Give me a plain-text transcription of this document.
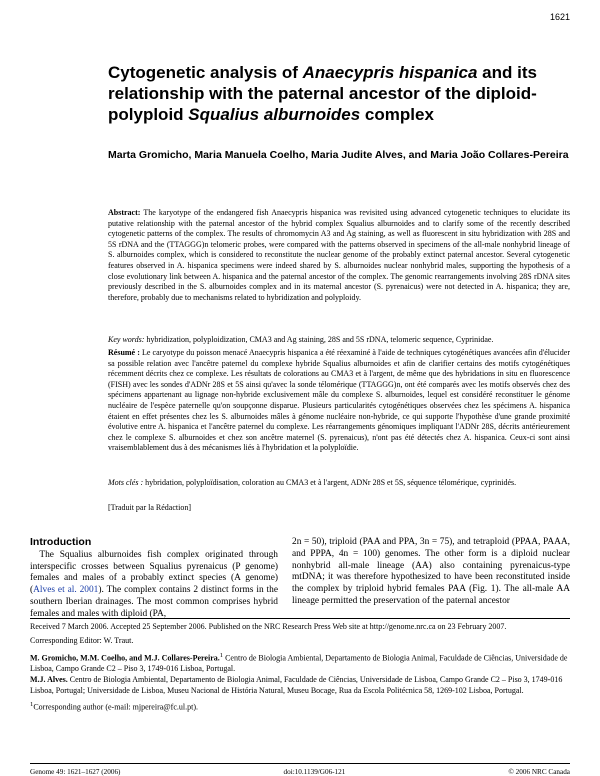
1621
Cytogenetic analysis of Anaecypris hispanica and its relationship with the paternal ancestor of the diploid-polyploid Squalius alburnoides complex

Marta Gromicho, Maria Manuela Coelho, Maria Judite Alves, and Maria João Collares-Pereira

Abstract: The karyotype of the endangered fish Anaecypris hispanica was revisited using advanced cytogenetic techniques to elucidate its putative relationship with the paternal ancestor of the hybrid complex Squalius alburnoides and to clarify some of the recently described cytogenetic patterns of the complex. The results of chromomycin A3 and Ag staining, as well as fluorescent in situ hybridization with 28S and 5S rDNA and the (TTAGGG)n telomeric probes, were compared with the patterns observed in specimens of the all-male nonhybrid lineage of S. alburnoides complex, which is considered to reconstitute the nuclear genome of the probably extinct paternal ancestor. Several cytogenetic features observed in A. hispanica specimens were indeed shared by S. alburnoides nuclear nonhybrid males, supporting the hypothesis of a close evolutionary link between A. hispanica and the paternal ancestor of the complex. The genomic rearrangements involving 28S rDNA sites previously described in the S. alburnoides complex and in its maternal ancestor (S. pyrenaicus) were not detected in A. hispanica; they are, therefore, probably due to mechanisms related to hybridization and polyploidy.

Key words: hybridization, polyploidization, CMA3 and Ag staining, 28S and 5S rDNA, telomeric sequence, Cyprinidae.

Résumé : Le caryotype du poisson menacé Anaecypris hispanica a été réexaminé à l'aide de techniques cytogénétiques avancées afin d'élucider sa possible relation avec l'ancêtre paternel du complexe hybride Squalius alburnoides et afin de clarifier certains des motifs cytogénétiques récemment décrits chez ce complexe. Les résultats de colorations au CMA3 et à l'argent, de même que des hybridations in situ en fluorescence (FISH) avec les sondes d'ADNr 28S et 5S ainsi qu'avec la sonde télomérique (TTAGGG)n, ont été comparés avec les motifs observés chez des spécimens appartenant au lignage non-hybride exclusivement mâle du complexe S. alburnoides, lequel est considéré reconstituer le génome nucléaire de l'espèce paternelle qu'on soupçonne disparue. Plusieurs particularités cytogénétiques observées chez les spécimens A. hispanica étaient en effet présentes chez les S. alburnoides mâles à génome nucléaire non-hybride, ce qui supporte l'hypothèse d'une grande proximité évolutive entre A. hispanica et l'ancêtre paternel du complexe. Les réarrangements génomiques impliquant l'ADNr 28S, décrits antérieurement chez le complexe S. alburnoides et chez son ancêtre maternel (S. pyrenaicus), n'ont pas été détectés chez A. hispanica. Ceux-ci sont ainsi vraisemblablement dus à des mécanismes liés à l'hybridation et la polyploïdie.

Mots clés : hybridation, polyploïdisation, coloration au CMA3 et à l'argent, ADNr 28S et 5S, séquence télomérique, cyprinidés.

[Traduit par la Rédaction]

Introduction

 The Squalius alburnoides fish complex originated through interspecific crosses between Squalius pyrenaicus (P genome) females and males of a probably extinct species (A genome) (Alves et al. 2001). The complex contains 2 distinct forms in the southern Iberian drainages. The most common comprises hybrid females and males with diploid (PA,

2n = 50), triploid (PAA and PPA, 3n = 75), and tetraploid (PPAA, PAAA, and PPPA, 4n = 100) genomes. The other form is a diploid nuclear nonhybrid all-male lineage (AA) also containing pyrenaicus-type mtDNA; it was therefore hypothesized to have been reconstituted inside the complex by triploid hybrid females PAA (Fig. 1). The all-male AA lineage permitted the preservation of the paternal ancestor

Received 7 March 2006. Accepted 25 September 2006. Published on the NRC Research Press Web site at http://genome.nrc.ca on 23 February 2007.

Corresponding Editor: W. Traut.

M. Gromicho, M.M. Coelho, and M.J. Collares-Pereira.$^1$ Centro de Biologia Ambiental, Departamento de Biologia Animal, Faculdade de Ciências, Universidade de Lisboa, Campo Grande C2 – Piso 3, 1749-016 Lisboa, Portugal.

M.J. Alves. Centro de Biologia Ambiental, Departamento de Biologia Animal, Faculdade de Ciências, Universidade de Lisboa, Campo Grande C2 – Piso 3, 1749-016 Lisboa, Portugal; Universidade de Lisboa, Museu Nacional de História Natural, Museu Bocage, Rua da Escola Politécnica 58, 1269-102 Lisboa, Portugal.

$^1$Corresponding author (e-mail: mjpereira@fc.ul.pt).

Genome 49: 1621–1627 (2006)	doi:10.1139/G06-121	© 2006 NRC Canada
